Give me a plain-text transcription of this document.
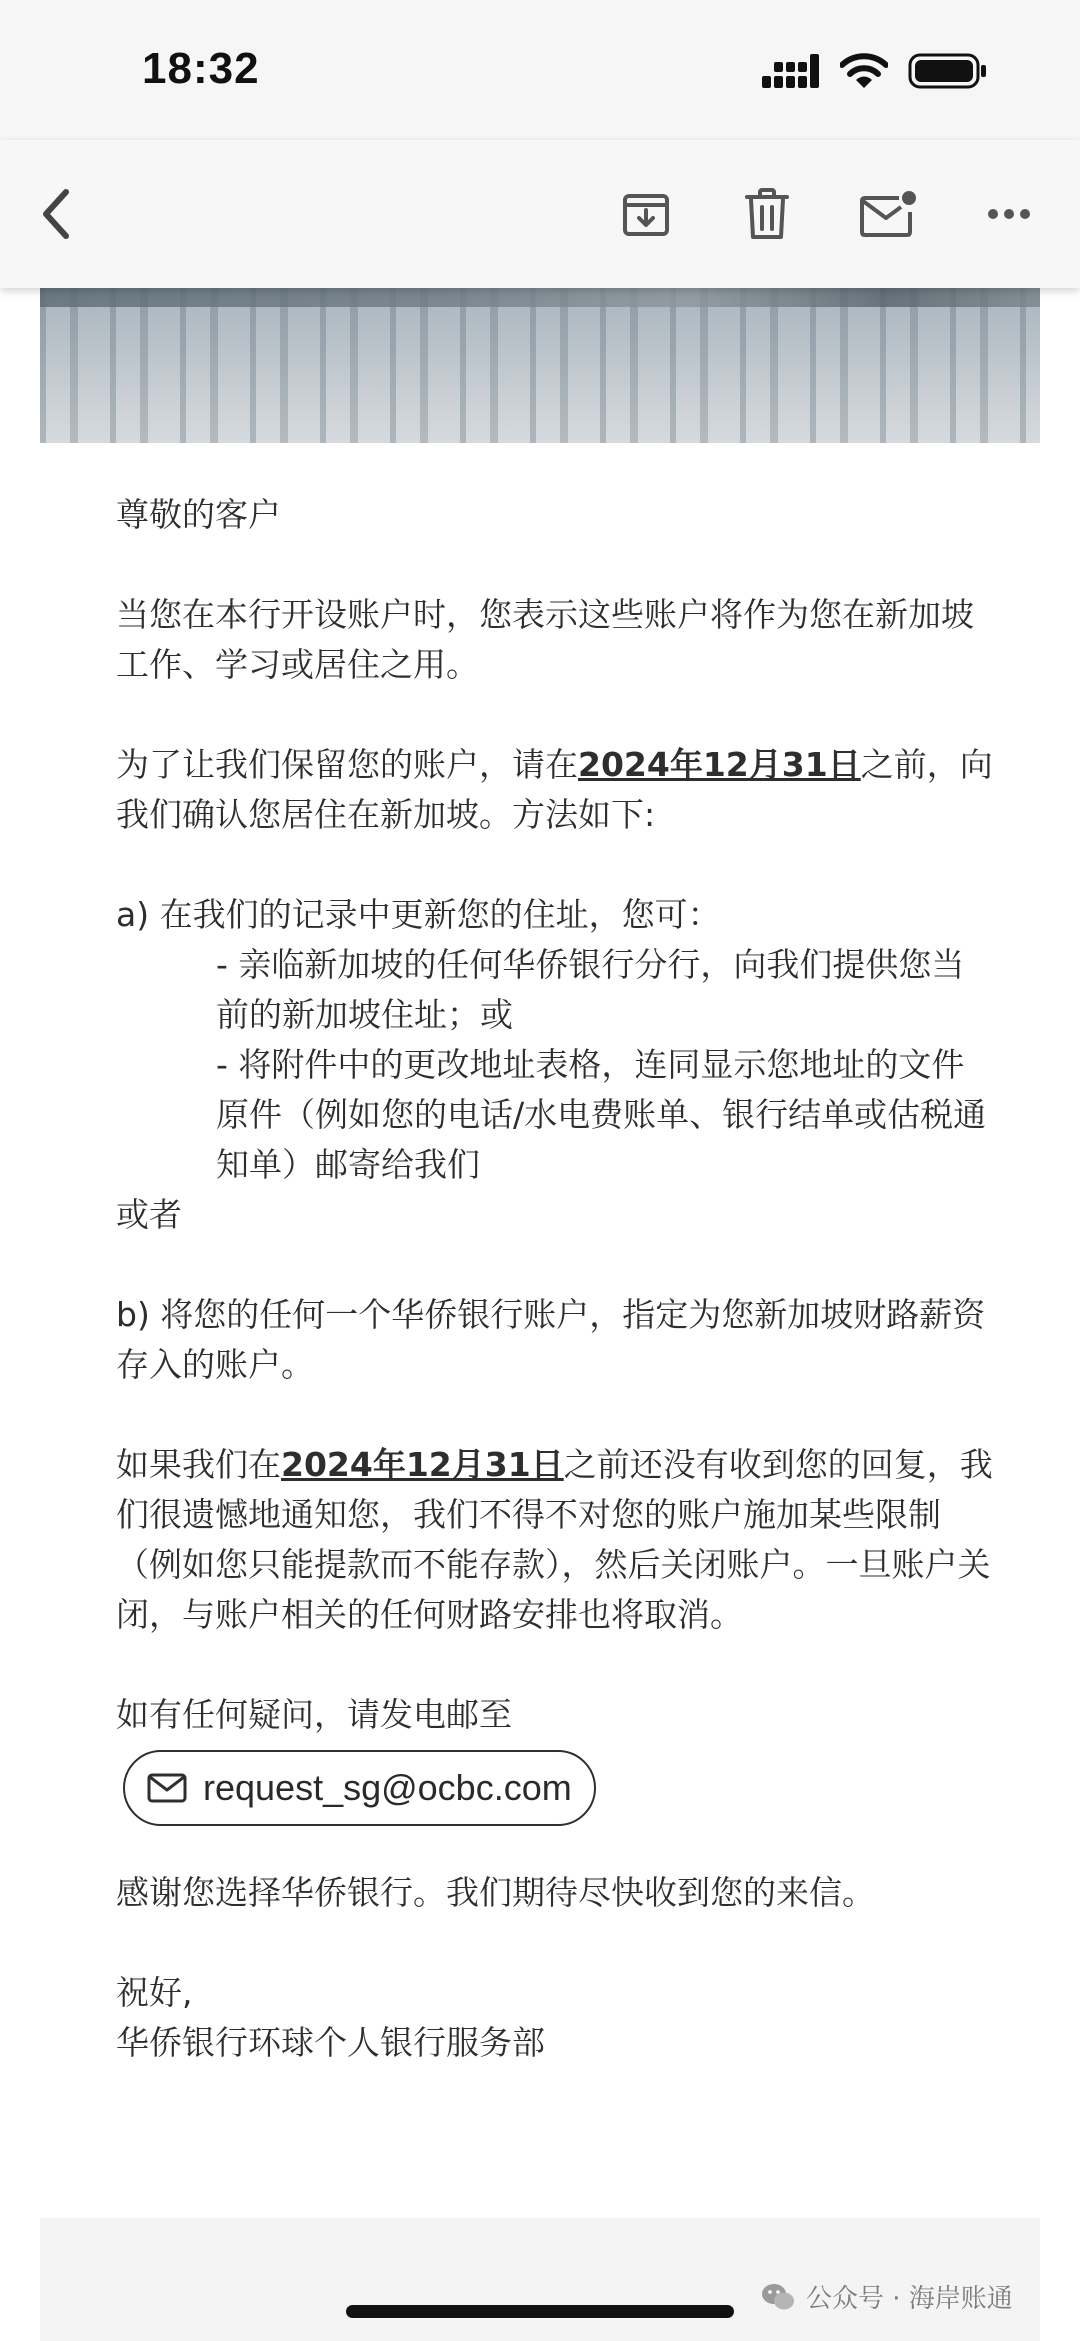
18:32

尊敬的客户

当您在本行开设账户时，您表示这些账户将作为您在新加坡工作、学习或居住之用。

为了让我们保留您的账户，请在2024年12月31日之前，向我们确认您居住在新加坡。方法如下:

a) 在我们的记录中更新您的住址，您可：

- 亲临新加坡的任何华侨银行分行，向我们提供您当前的新加坡住址；或

- 将附件中的更改地址表格，连同显示您地址的文件原件（例如您的电话/水电费账单、银行结单或估税通知单）邮寄给我们

或者

b) 将您的任何一个华侨银行账户，指定为您新加坡财路薪资存入的账户。

如果我们在2024年12月31日之前还没有收到您的回复，我们很遗憾地通知您，我们不得不对您的账户施加某些限制（例如您只能提款而不能存款），然后关闭账户。一旦账户关闭，与账户相关的任何财路安排也将取消。

如有任何疑问，请发电邮至

request_sg@ocbc.com

感谢您选择华侨银行。我们期待尽快收到您的来信。

祝好,

华侨银行环球个人银行服务部

公众号 · 海岸账通
